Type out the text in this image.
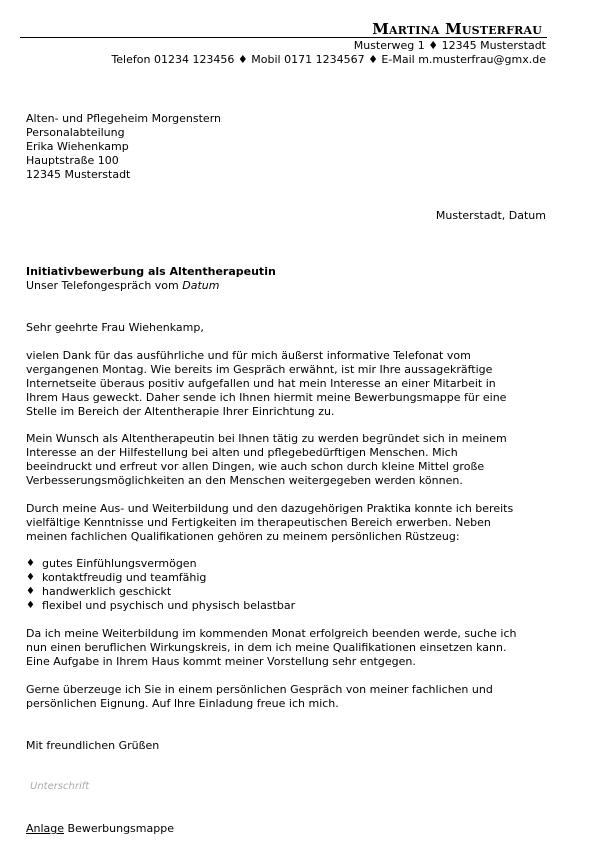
Martina Musterfrau
Musterweg 1 ♦ 12345 Musterstadt
Telefon 01234 123456 ♦ Mobil 0171 1234567 ♦ E-Mail m.musterfrau@gmx.de
Alten- und Pflegeheim Morgenstern
Personalabteilung
Erika Wiehenkamp
Hauptstraße 100
12345 Musterstadt
Musterstadt, Datum
Initiativbewerbung als Altentherapeutin
Unser Telefongespräch vom Datum
Sehr geehrte Frau Wiehenkamp,
vielen Dank für das ausführliche und für mich äußerst informative Telefonat vom
vergangenen Montag. Wie bereits im Gespräch erwähnt, ist mir Ihre aussagekräftige
Internetseite überaus positiv aufgefallen und hat mein Interesse an einer Mitarbeit in
Ihrem Haus geweckt. Daher sende ich Ihnen hiermit meine Bewerbungsmappe für eine
Stelle im Bereich der Altentherapie Ihrer Einrichtung zu.
Mein Wunsch als Altentherapeutin bei Ihnen tätig zu werden begründet sich in meinem
Interesse an der Hilfestellung bei alten und pflegebedürftigen Menschen. Mich
beeindruckt und erfreut vor allen Dingen, wie auch schon durch kleine Mittel große
Verbesserungsmöglichkeiten an den Menschen weitergegeben werden können.
Durch meine Aus- und Weiterbildung und den dazugehörigen Praktika konnte ich bereits
vielfältige Kenntnisse und Fertigkeiten im therapeutischen Bereich erwerben. Neben
meinen fachlichen Qualifikationen gehören zu meinem persönlichen Rüstzeug:
♦ gutes Einfühlungsvermögen
♦ kontaktfreudig und teamfähig
♦ handwerklich geschickt
♦ flexibel und psychisch und physisch belastbar
Da ich meine Weiterbildung im kommenden Monat erfolgreich beenden werde, suche ich
nun einen beruflichen Wirkungskreis, in dem ich meine Qualifikationen einsetzen kann.
Eine Aufgabe in Ihrem Haus kommt meiner Vorstellung sehr entgegen.
Gerne überzeuge ich Sie in einem persönlichen Gespräch von meiner fachlichen und
persönlichen Eignung. Auf Ihre Einladung freue ich mich.
Mit freundlichen Grüßen
Unterschrift
Anlage Bewerbungsmappe
